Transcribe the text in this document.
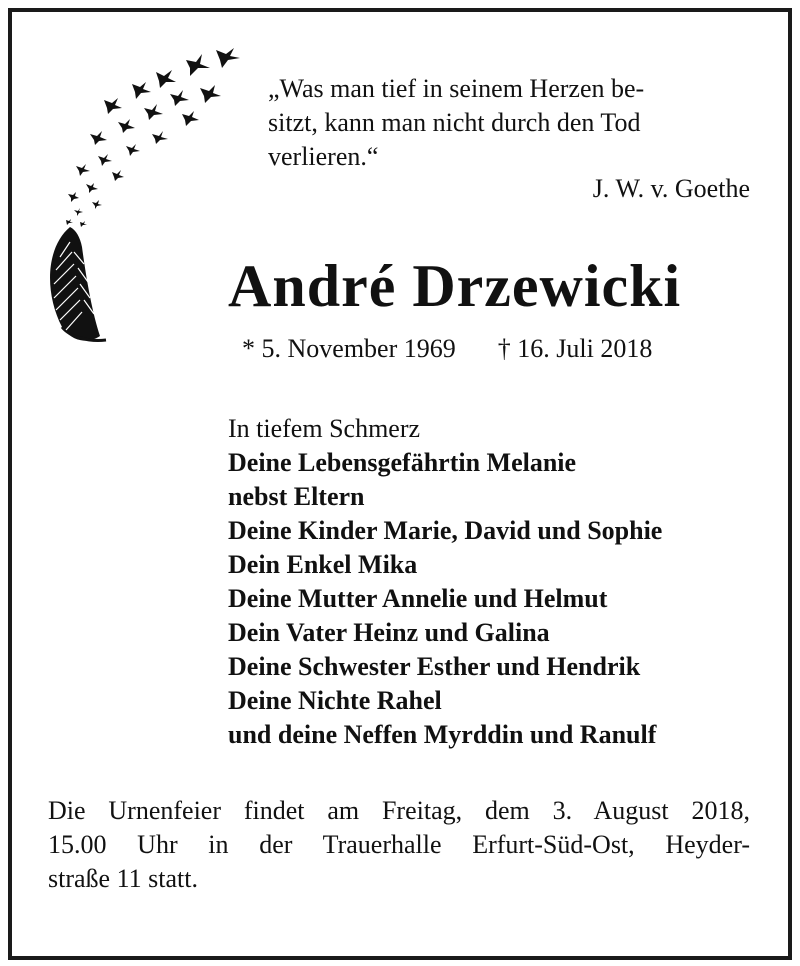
„Was man tief in seinem Herzen be-

sitzt, kann man nicht durch den Tod

verlieren.“

J. W. v. Goethe
André Drzewicki
* 5. November 1969 † 16. Juli 2018
In tiefem Schmerz
Deine Lebensgefährtin Melanie
nebst Eltern
Deine Kinder Marie, David und Sophie
Dein Enkel Mika
Deine Mutter Annelie und Helmut
Dein Vater Heinz und Galina
Deine Schwester Esther und Hendrik
Deine Nichte Rahel
und deine Neffen Myrddin und Ranulf
Die Urnenfeier findet am Freitag, dem 3. August 2018,
15.00 Uhr in der Trauerhalle Erfurt-Süd-Ost, Heyder-
straße 11 statt.
